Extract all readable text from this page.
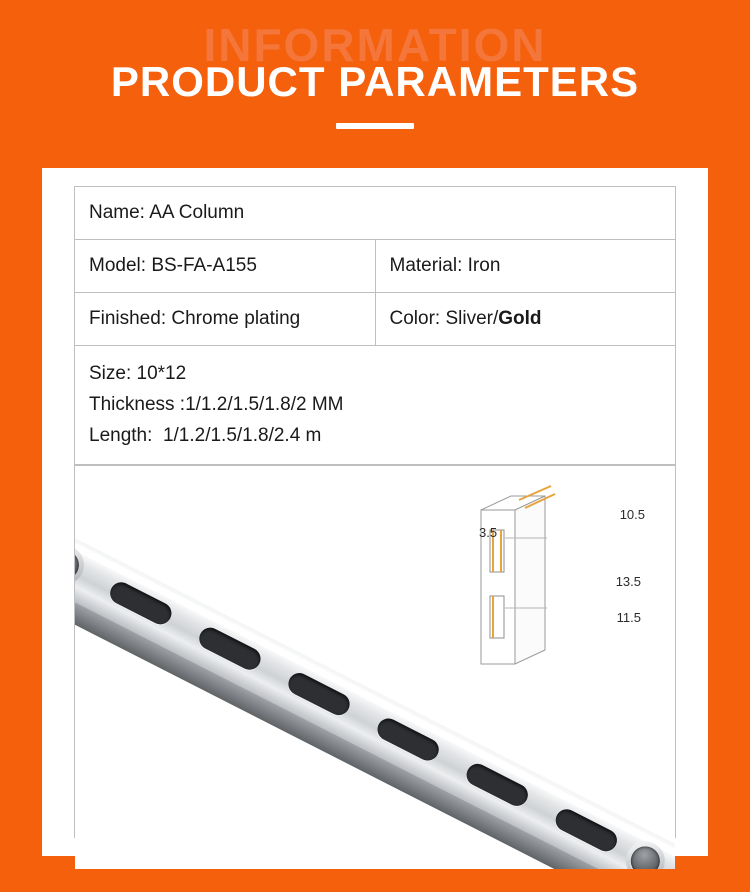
INFORMATION
PRODUCT PARAMETERS
Name: AA Column	
Model: BS-FA-A155	Material: Iron
Finished: Chrome plating	Color: Sliver/Gold

Size: 10*12
Thickness :1/1.2/1.5/1.8/2 MM
Length:  1/1.2/1.5/1.8/2.4 m	
10.5
3.5
13.5
11.5
